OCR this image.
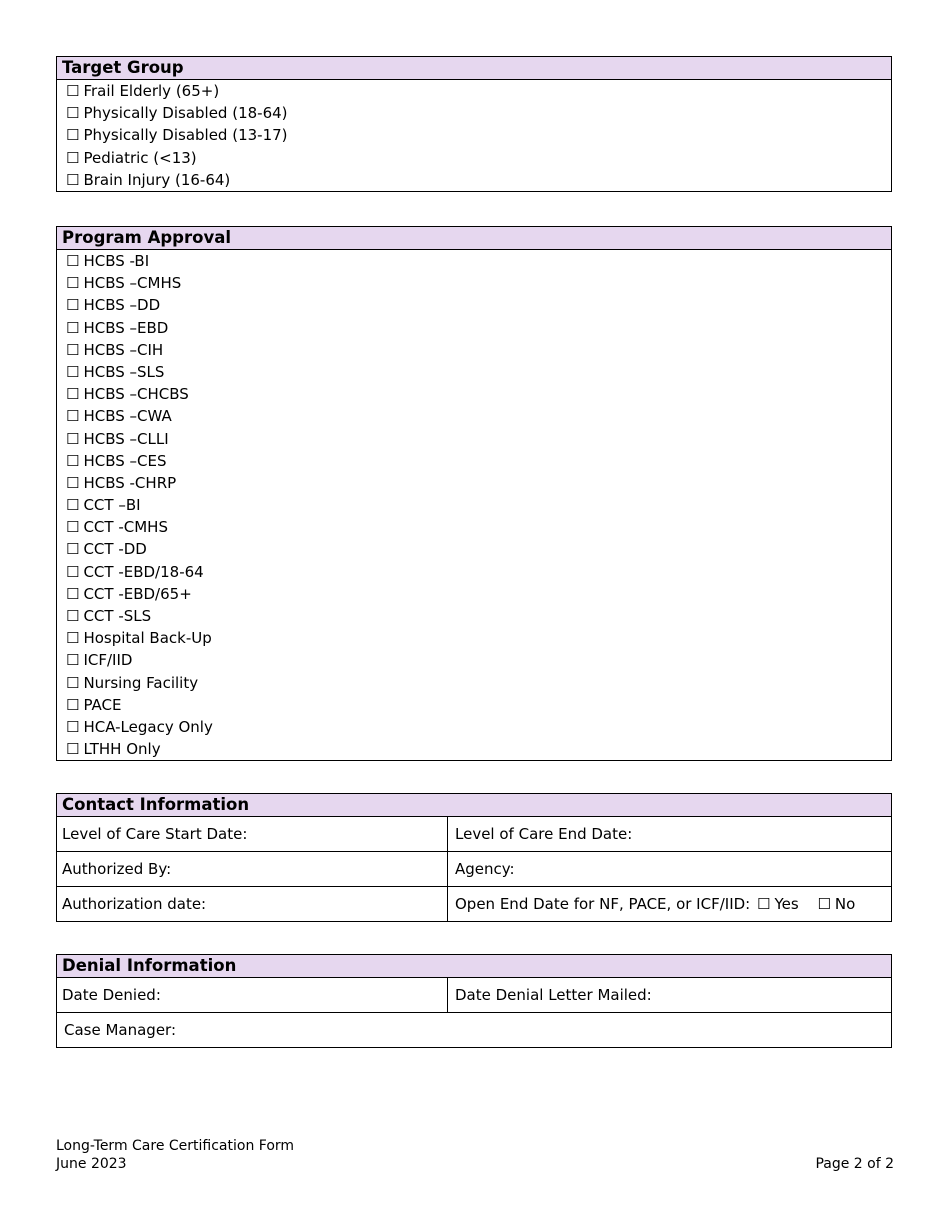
Target Group
☐ Frail Elderly (65+)
☐ Physically Disabled (18-64)
☐ Physically Disabled (13-17)
☐ Pediatric (<13)
☐ Brain Injury (16-64)
Program Approval
☐ HCBS -BI
☐ HCBS –CMHS
☐ HCBS –DD
☐ HCBS –EBD
☐ HCBS –CIH
☐ HCBS –SLS
☐ HCBS –CHCBS
☐ HCBS –CWA
☐ HCBS –CLLI
☐ HCBS –CES
☐ HCBS -CHRP
☐ CCT –BI
☐ CCT -CMHS
☐ CCT -DD
☐ CCT -EBD/18-64
☐ CCT -EBD/65+
☐ CCT -SLS
☐ Hospital Back-Up
☐ ICF/IID
☐ Nursing Facility
☐ PACE
☐ HCA-Legacy Only
☐ LTHH Only
Contact Information
Level of Care Start Date:	Level of Care End Date:
Authorized By:	Agency:
Authorization date:	Open End Date for NF, PACE, or ICF/IID: ☐ Yes ☐ No
Denial Information
Date Denied:	Date Denial Letter Mailed:
Case Manager:
Long-Term Care Certification Form
June 2023	Page 2 of 2
